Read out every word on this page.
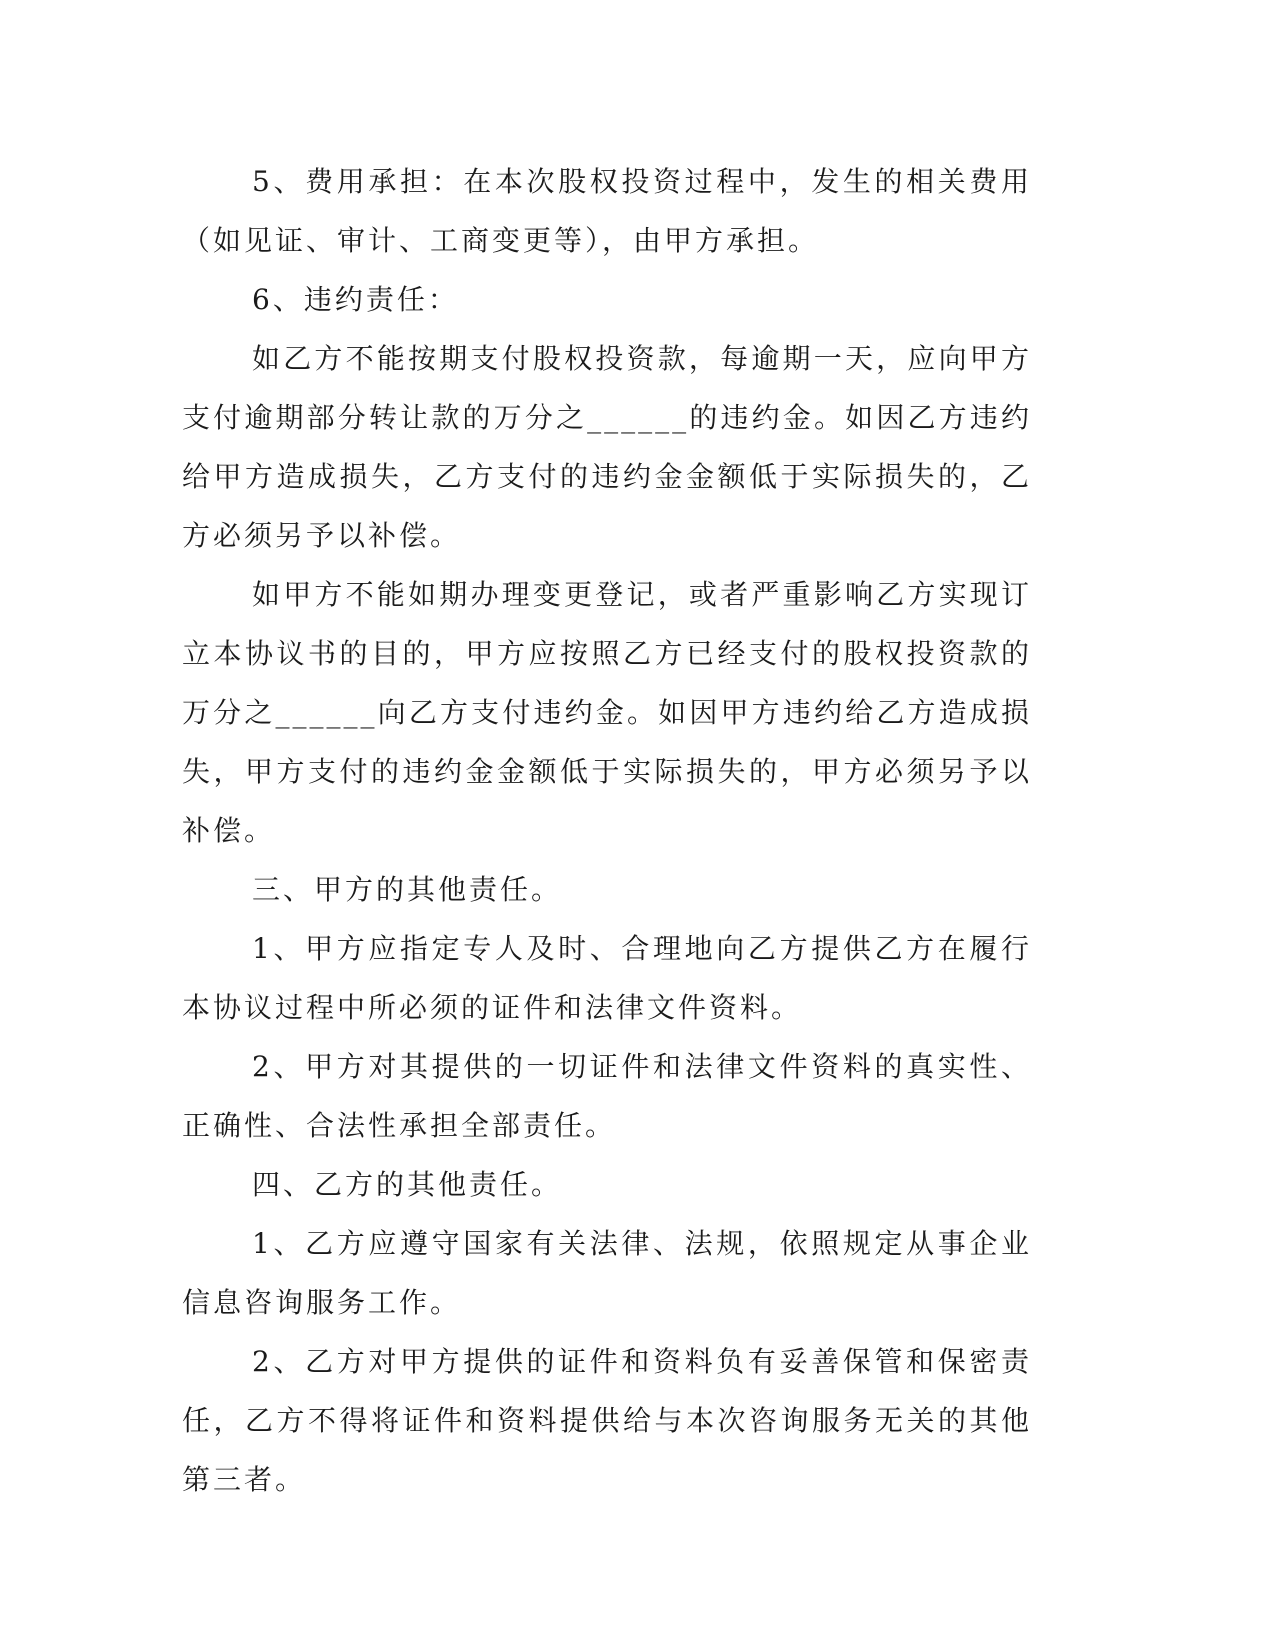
5、费用承担：在本次股权投资过程中，发生的相关费用（如见证、审计、工商变更等），由甲方承担。

6、违约责任：

如乙方不能按期支付股权投资款，每逾期一天，应向甲方支付逾期部分转让款的万分之______的违约金。如因乙方违约给甲方造成损失，乙方支付的违约金金额低于实际损失的，乙方必须另予以补偿。

如甲方不能如期办理变更登记，或者严重影响乙方实现订立本协议书的目的，甲方应按照乙方已经支付的股权投资款的万分之______向乙方支付违约金。如因甲方违约给乙方造成损失，甲方支付的违约金金额低于实际损失的，甲方必须另予以补偿。

三、甲方的其他责任。

1、甲方应指定专人及时、合理地向乙方提供乙方在履行本协议过程中所必须的证件和法律文件资料。

2、甲方对其提供的一切证件和法律文件资料的真实性、正确性、合法性承担全部责任。

四、乙方的其他责任。

1、乙方应遵守国家有关法律、法规，依照规定从事企业信息咨询服务工作。

2、乙方对甲方提供的证件和资料负有妥善保管和保密责任，乙方不得将证件和资料提供给与本次咨询服务无关的其他第三者。
